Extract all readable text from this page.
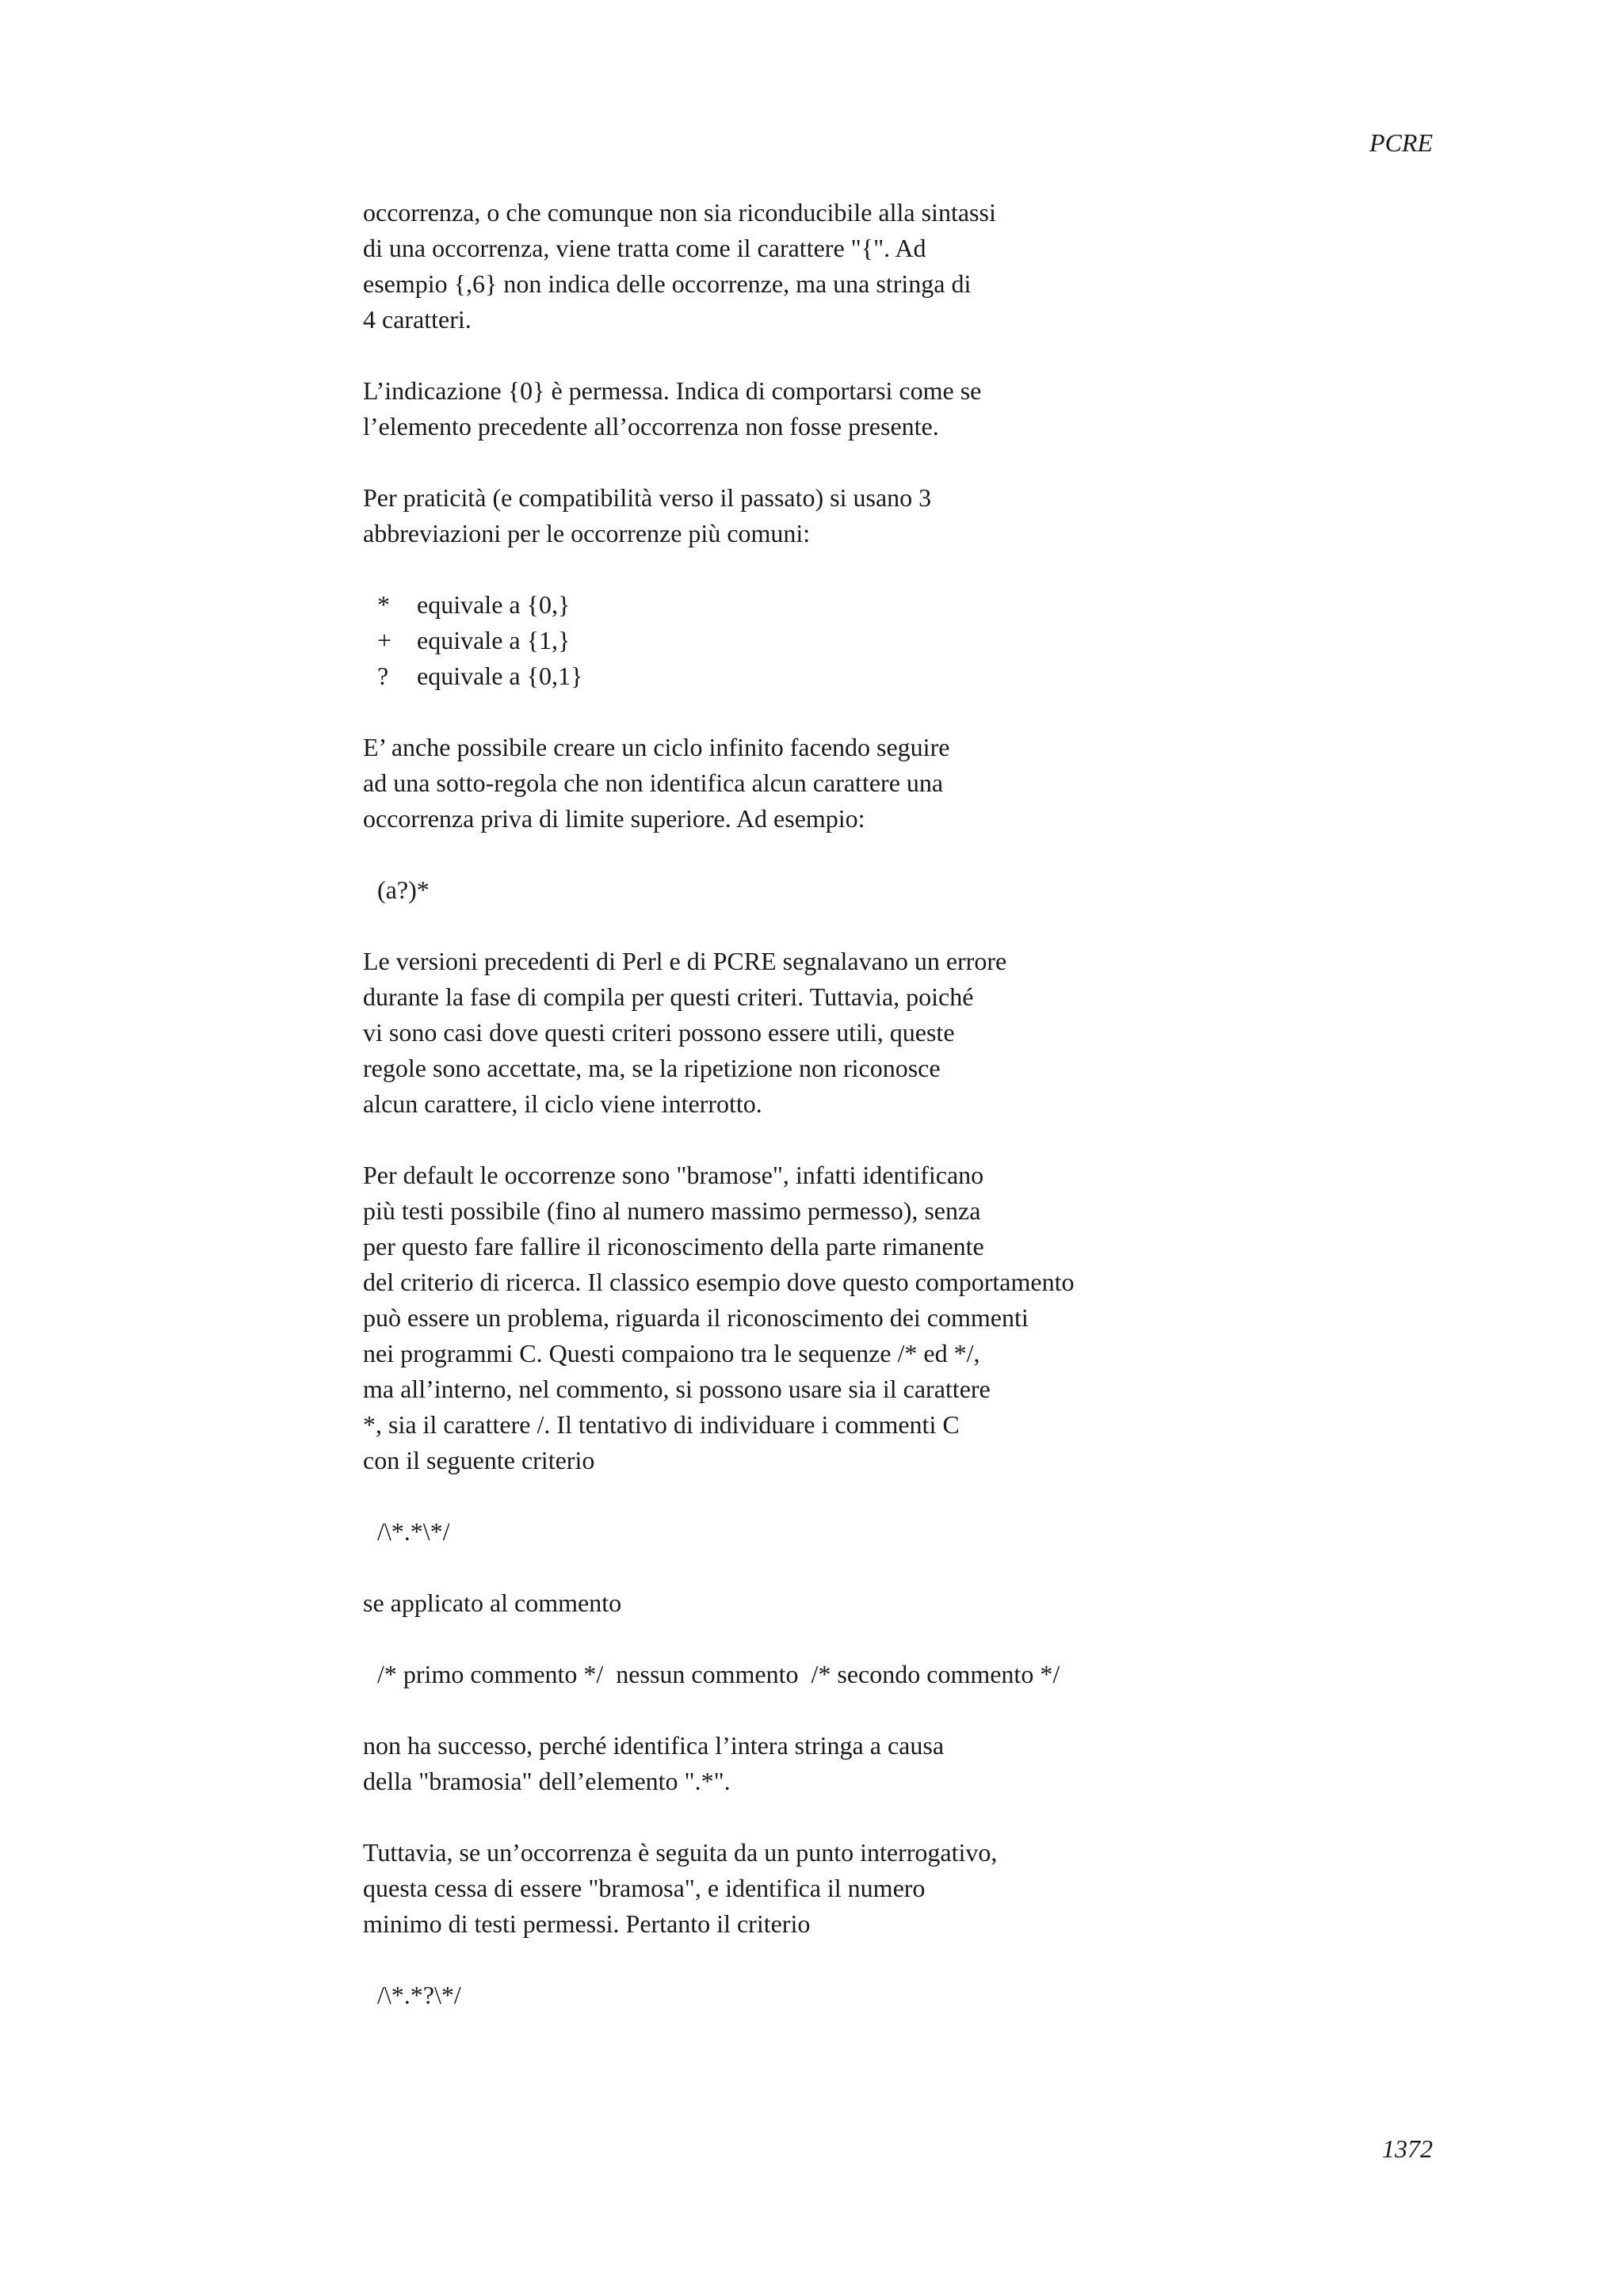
PCRE
occorrenza, o che comunque non sia riconducibile alla sintassi
di una occorrenza, viene tratta come il carattere "{". Ad
esempio {,6} non indica delle occorrenze, ma una stringa di
4 caratteri.
L’indicazione {0} è permessa. Indica di comportarsi come se
l’elemento precedente all’occorrenza non fosse presente.
Per praticità (e compatibilità verso il passato) si usano 3
abbreviazioni per le occorrenze più comuni:
*	equivale a {0,}
+ equivale a {1,}
?	equivale a {0,1}
E’ anche possibile creare un ciclo infinito facendo seguire
ad una sotto-regola che non identifica alcun carattere una
occorrenza priva di limite superiore. Ad esempio:
(a?)*
Le versioni precedenti di Perl e di PCRE segnalavano un errore
durante la fase di compila per questi criteri. Tuttavia, poiché
vi sono casi dove questi criteri possono essere utili, queste
regole sono accettate, ma, se la ripetizione non riconosce
alcun carattere, il ciclo viene interrotto.
Per default le occorrenze sono "bramose", infatti identificano
più testi possibile (fino al numero massimo permesso), senza
per questo fare fallire il riconoscimento della parte rimanente
del criterio di ricerca. Il classico esempio dove questo comportamento
può essere un problema, riguarda il riconoscimento dei commenti
nei programmi C. Questi compaiono tra le sequenze /* ed */,
ma all’interno, nel commento, si possono usare sia il carattere
*, sia il carattere /. Il tentativo di individuare i commenti C
con il seguente criterio
/\*.*\*/
se applicato al commento
/* primo commento */  nessun commento  /* secondo commento */
non ha successo, perché identifica l’intera stringa a causa
della "bramosia" dell’elemento ".*".
Tuttavia, se un’occorrenza è seguita da un punto interrogativo,
questa cessa di essere "bramosa", e identifica il numero
minimo di testi permessi. Pertanto il criterio
/\*.*?\*/
1372
